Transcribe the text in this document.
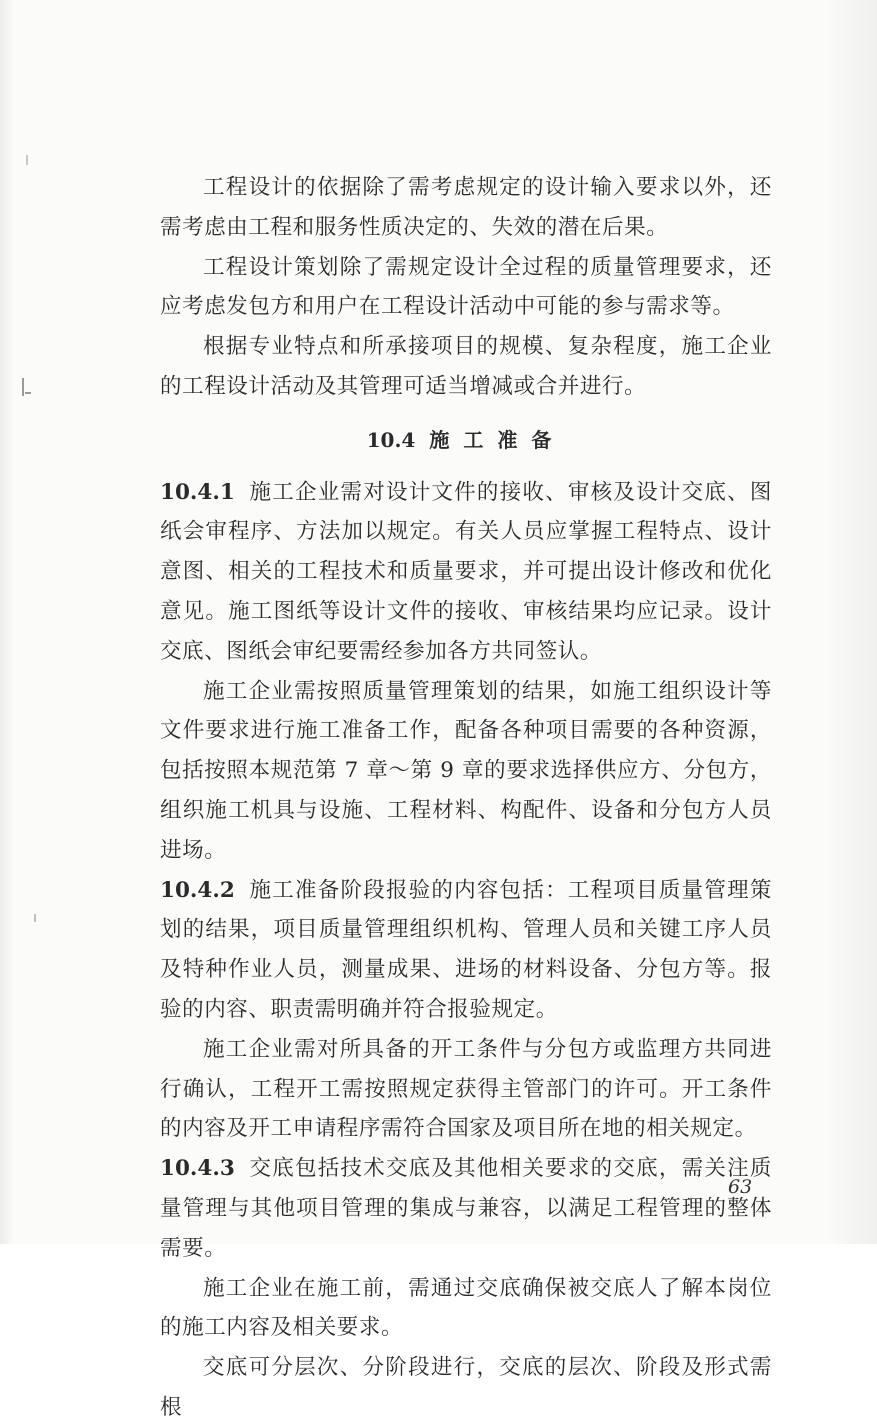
工程设计的依据除了需考虑规定的设计输入要求以外，还需考虑由工程和服务性质决定的、失效的潜在后果。

工程设计策划除了需规定设计全过程的质量管理要求，还应考虑发包方和用户在工程设计活动中可能的参与需求等。

根据专业特点和所承接项目的规模、复杂程度，施工企业的工程设计活动及其管理可适当增减或合并进行。

10.4 施工准备

10.4.1 施工企业需对设计文件的接收、审核及设计交底、图纸会审程序、方法加以规定。有关人员应掌握工程特点、设计意图、相关的工程技术和质量要求，并可提出设计修改和优化意见。施工图纸等设计文件的接收、审核结果均应记录。设计交底、图纸会审纪要需经参加各方共同签认。

施工企业需按照质量管理策划的结果，如施工组织设计等文件要求进行施工准备工作，配备各种项目需要的各种资源，包括按照本规范第 7 章～第 9 章的要求选择供应方、分包方，组织施工机具与设施、工程材料、构配件、设备和分包方人员进场。

10.4.2 施工准备阶段报验的内容包括：工程项目质量管理策划的结果，项目质量管理组织机构、管理人员和关键工序人员及特种作业人员，测量成果、进场的材料设备、分包方等。报验的内容、职责需明确并符合报验规定。

施工企业需对所具备的开工条件与分包方或监理方共同进行确认，工程开工需按照规定获得主管部门的许可。开工条件的内容及开工申请程序需符合国家及项目所在地的相关规定。

10.4.3 交底包括技术交底及其他相关要求的交底，需关注质量管理与其他项目管理的集成与兼容，以满足工程管理的整体需要。

施工企业在施工前，需通过交底确保被交底人了解本岗位的施工内容及相关要求。

交底可分层次、分阶段进行，交底的层次、阶段及形式需根

63
